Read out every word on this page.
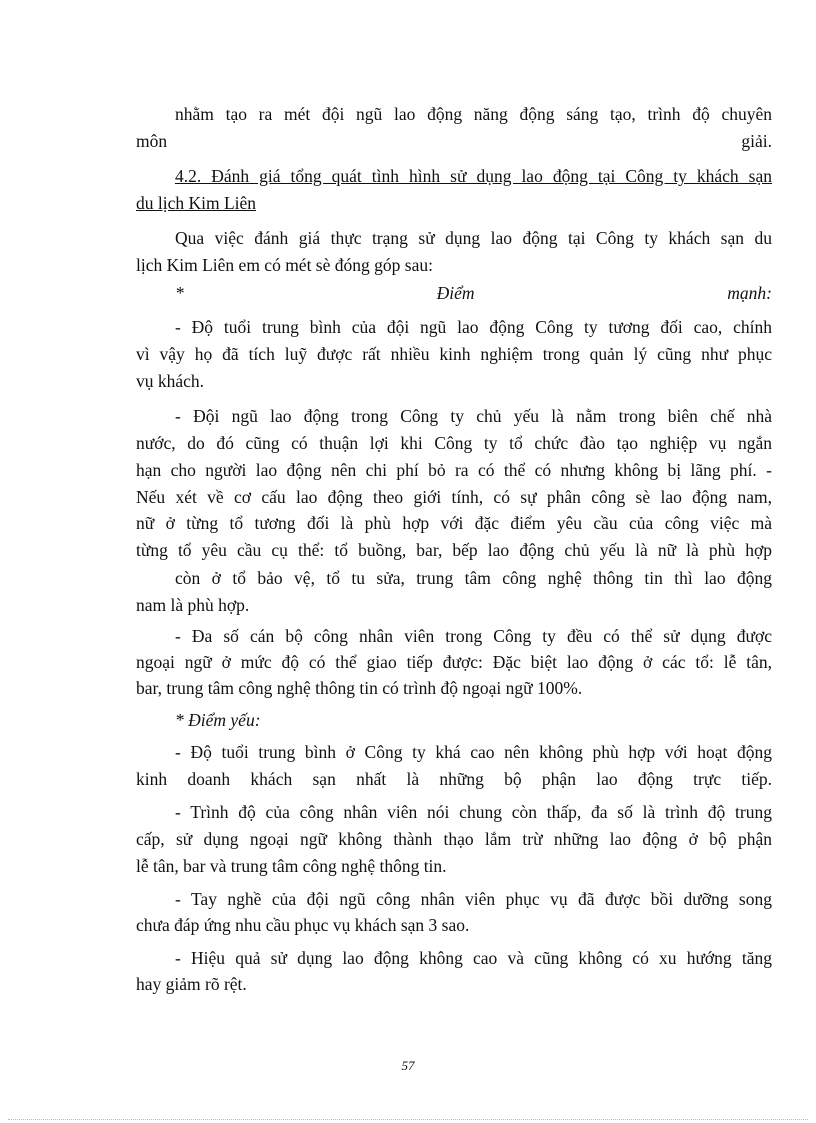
nhằm tạo ra mét đội ngũ lao động năng động sáng tạo, trình độ chuyên
môn giải.
4.2. Đánh giá tổng quát tình hình sử dụng lao động tại Công ty khách sạn
du lịch Kim Liên
Qua việc đánh giá thực trạng sử dụng lao động tại Công ty khách sạn du
lịch Kim Liên em có mét sè đóng góp sau:
* Điểm mạnh:
- Độ tuổi trung bình của đội ngũ lao động Công ty tương đối cao, chính
vì vậy họ đã tích luỹ được rất nhiều kinh nghiệm trong quản lý cũng như phục
vụ khách.
- Đội ngũ lao động trong Công ty chủ yếu là nằm trong biên chế nhà
nước, do đó cũng có thuận lợi khi Công ty tổ chức đào tạo nghiệp vụ ngắn
hạn cho người lao động nên chi phí bỏ ra có thể có nhưng không bị lãng phí. -
Nếu xét về cơ cấu lao động theo giới tính, có sự phân công sè lao động nam,
nữ ở từng tổ tương đối là phù hợp với đặc điểm yêu cầu của công việc mà
từng tổ yêu cầu cụ thể: tổ buồng, bar, bếp lao động chủ yếu là nữ là phù hợp
còn ở tổ bảo vệ, tổ tu sửa, trung tâm công nghệ thông tin thì lao động
nam là phù hợp.
- Đa số cán bộ công nhân viên trong Công ty đều có thể sử dụng được
ngoại ngữ ở mức độ có thể giao tiếp được: Đặc biệt lao động ở các tổ: lễ tân,
bar, trung tâm công nghệ thông tin có trình độ ngoại ngữ 100%.
* Điểm yếu:
- Độ tuổi trung bình ở Công ty khá cao nên không phù hợp với hoạt động
kinh doanh khách sạn nhất là những bộ phận lao động trực tiếp.
- Trình độ của công nhân viên nói chung còn thấp, đa số là trình độ trung
cấp, sử dụng ngoại ngữ không thành thạo lắm trừ những lao động ở bộ phận
lễ tân, bar và trung tâm công nghệ thông tin.
- Tay nghề của đội ngũ công nhân viên phục vụ đã được bồi dưỡng song
chưa đáp ứng nhu cầu phục vụ khách sạn 3 sao.
- Hiệu quả sử dụng lao động không cao và cũng không có xu hướng tăng
hay giảm rõ rệt.
57
